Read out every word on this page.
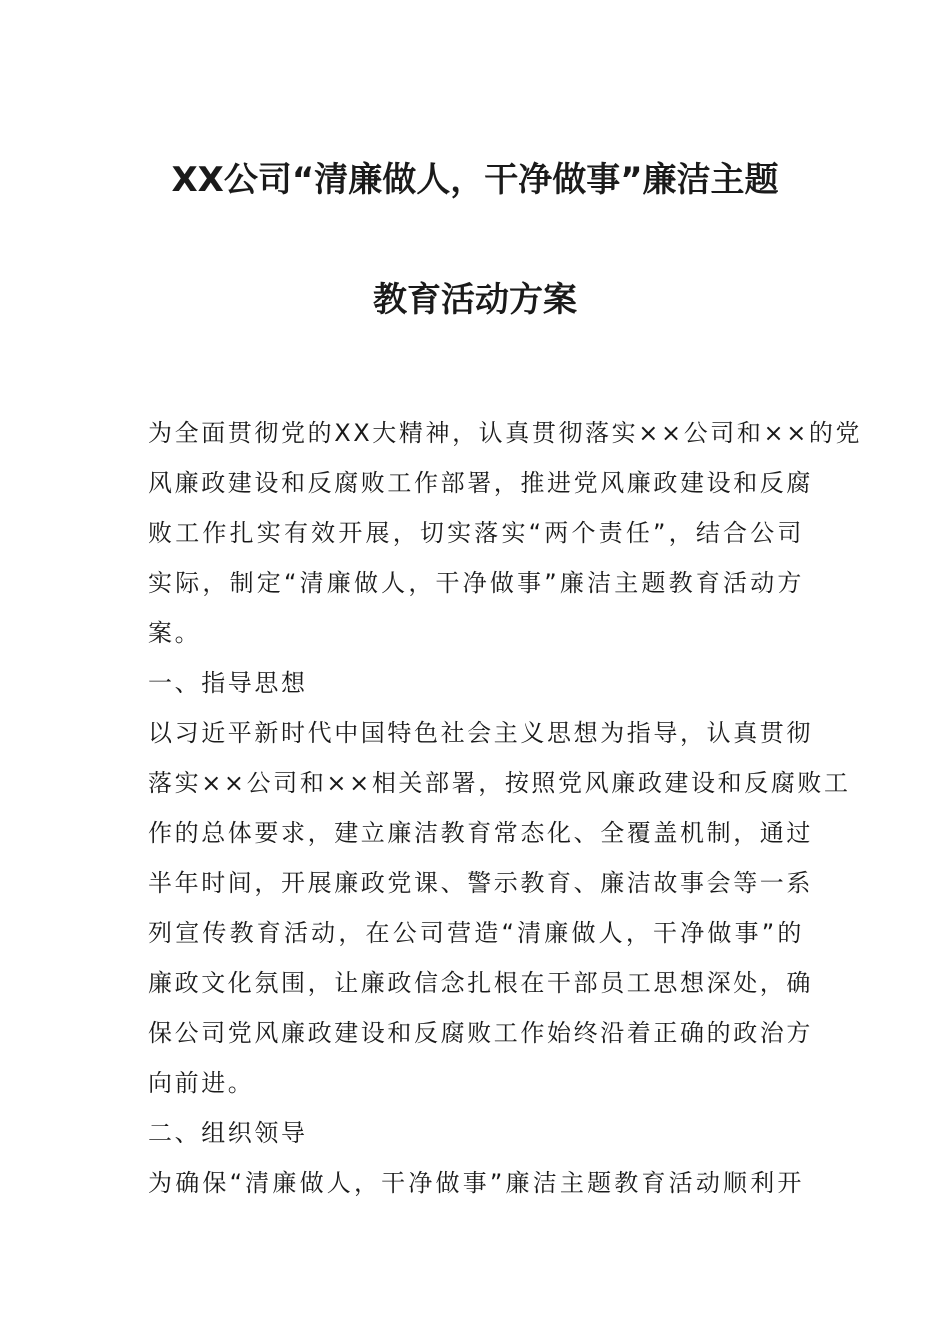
XX公司“清廉做人，干净做事”廉洁主题
教育活动方案

为全面贯彻党的XX大精神，认真贯彻落实××公司和××的党
风廉政建设和反腐败工作部署，推进党风廉政建设和反腐
败工作扎实有效开展，切实落实“两个责任”，结合公司
实际，制定“清廉做人，干净做事”廉洁主题教育活动方
案。

一、指导思想

以习近平新时代中国特色社会主义思想为指导，认真贯彻
落实××公司和××相关部署，按照党风廉政建设和反腐败工
作的总体要求，建立廉洁教育常态化、全覆盖机制，通过
半年时间，开展廉政党课、警示教育、廉洁故事会等一系
列宣传教育活动，在公司营造“清廉做人，干净做事”的
廉政文化氛围，让廉政信念扎根在干部员工思想深处，确
保公司党风廉政建设和反腐败工作始终沿着正确的政治方
向前进。

二、组织领导

为确保“清廉做人，干净做事”廉洁主题教育活动顺利开
